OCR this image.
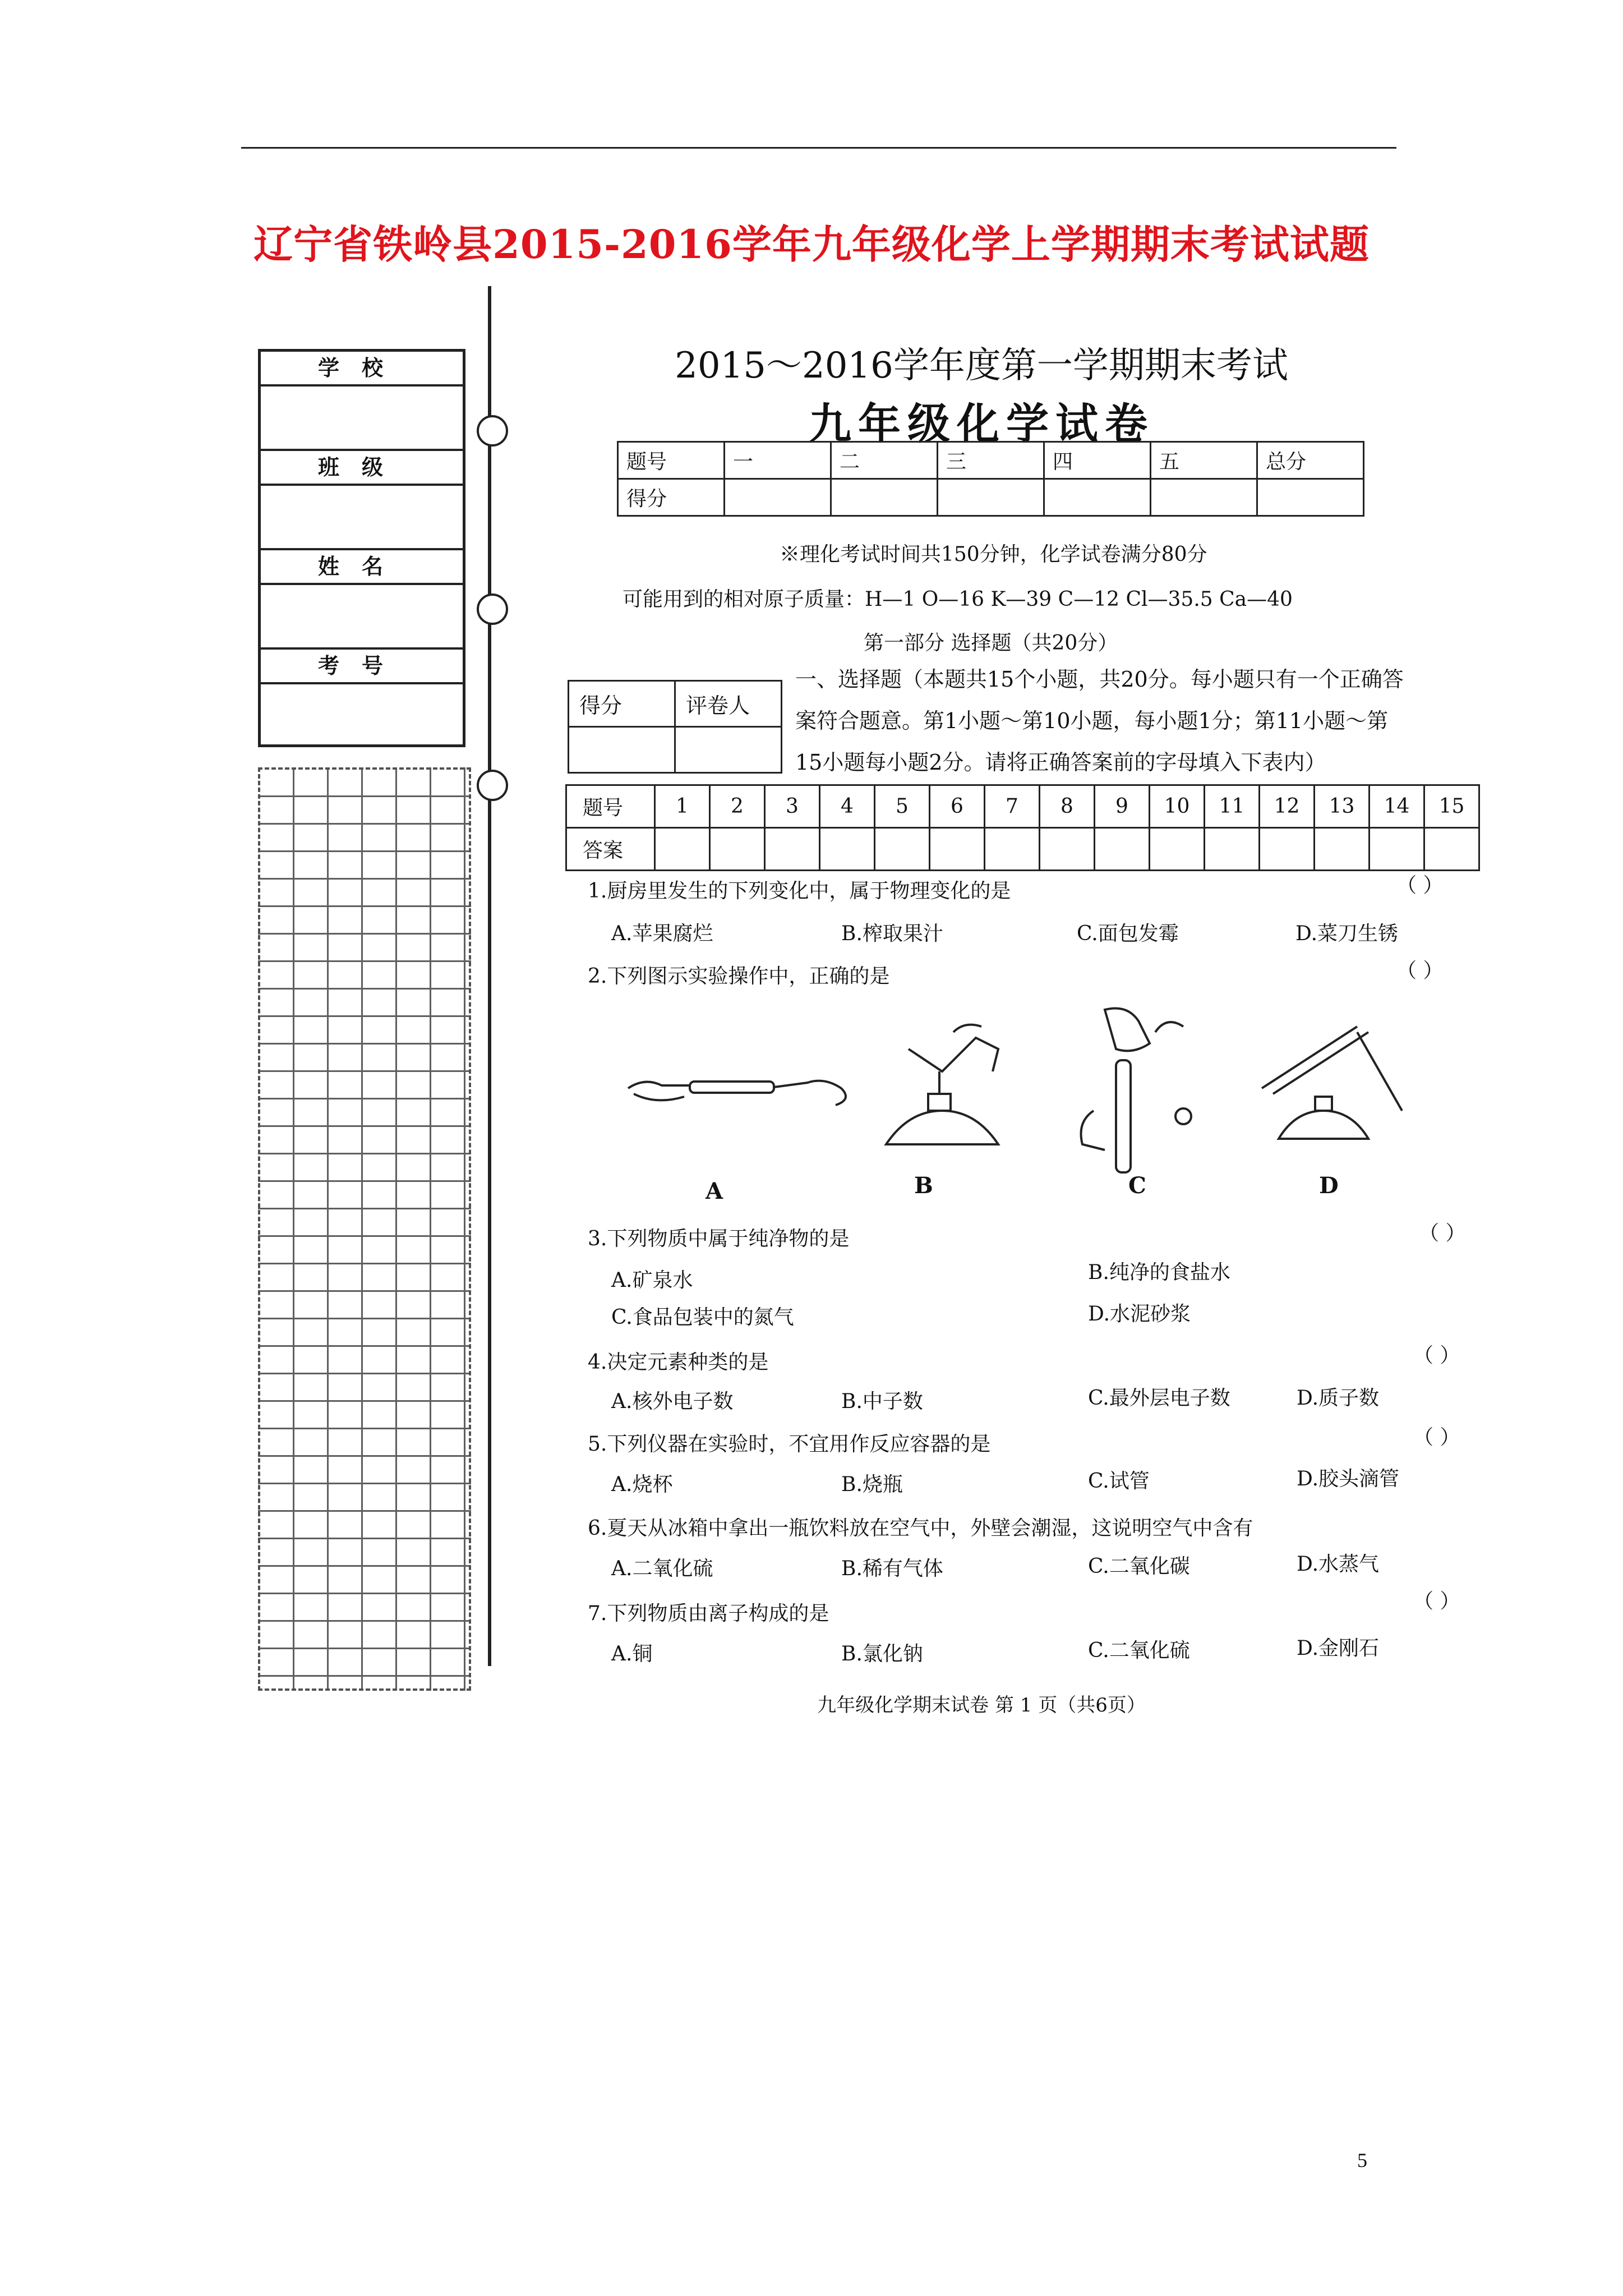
辽宁省铁岭县2015-2016学年九年级化学上学期期末考试试题
学校
班级
姓名
考号
2015～2016学年度第一学期期末考试
九年级化学试卷
题号	一	二	三	四	五	总分
得分						
※理化考试时间共150分钟，化学试卷满分80分
可能用到的相对原子质量：H—1 O—16 K—39 C—12 Cl—35.5 Ca—40
第一部分 选择题（共20分）
得分	评卷人

一、选择题（本题共15个小题，共20分。每小题只有一个正确答
案符合题意。第1小题～第10小题，每小题1分；第11小题～第
15小题每小题2分。请将正确答案前的字母填入下表内）
题号	1	2	3	4	5	6	7	8	9	10	11	12	13	14	15
答案															
1.厨房里发生的下列变化中，属于物理变化的是	（ ）
A.苹果腐烂	B.榨取果汁	C.面包发霉	D.菜刀生锈
2.下列图示实验操作中，正确的是	（ ）
A	B	C	D
3.下列物质中属于纯净物的是	（ ）
A.矿泉水	B.纯净的食盐水
C.食品包装中的氮气	D.水泥砂浆
4.决定元素种类的是	（ ）
A.核外电子数	B.中子数	C.最外层电子数	D.质子数
5.下列仪器在实验时，不宜用作反应容器的是	（ ）
A.烧杯	B.烧瓶	C.试管	D.胶头滴管
6.夏天从冰箱中拿出一瓶饮料放在空气中，外壁会潮湿，这说明空气中含有
A.二氧化硫	B.稀有气体	C.二氧化碳	D.水蒸气
7.下列物质由离子构成的是
（ ）
A.铜	B.氯化钠	C.二氧化硫	D.金刚石
九年级化学期末试卷 第 1 页（共6页）
5
